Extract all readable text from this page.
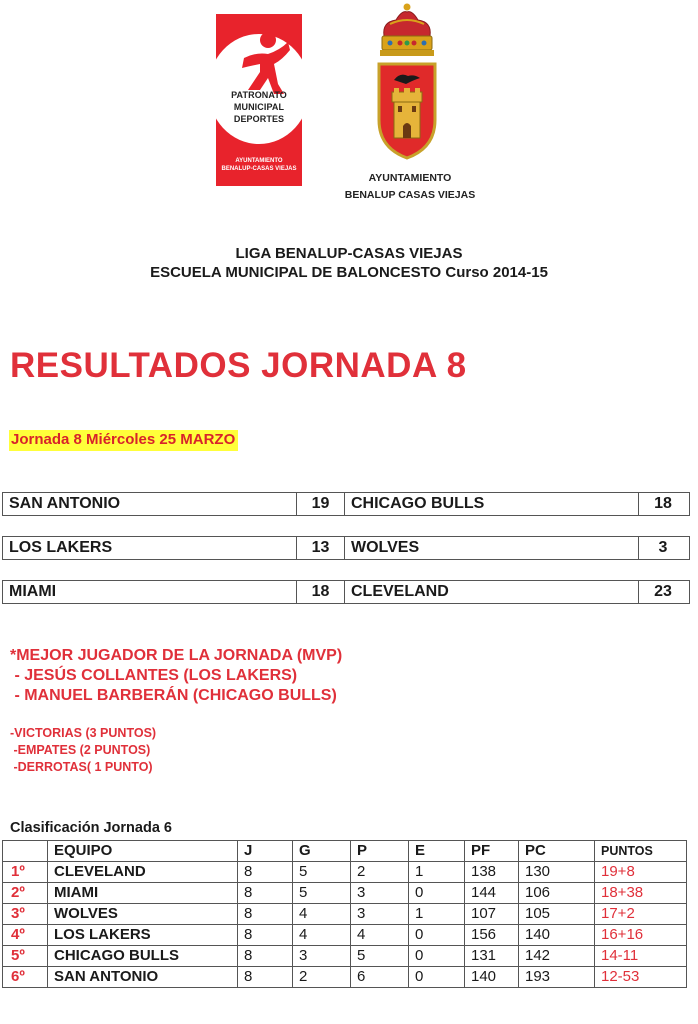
PATRONATO
MUNICIPAL
DEPORTES
AYUNTAMIENTO
BENALUP-CASAS VIEJAS
AYUNTAMIENTO
BENALUP CASAS VIEJAS
LIGA BENALUP-CASAS VIEJAS
ESCUELA MUNICIPAL DE BALONCESTO Curso 2014-15
RESULTADOS JORNADA 8
Jornada 8 Miércoles 25 MARZO
SAN ANTONIO	19	CHICAGO BULLS	18
LOS LAKERS	13	WOLVES	3
MIAMI	18	CLEVELAND	23
*MEJOR JUGADOR DE LA JORNADA (MVP)
- JESÚS COLLANTES (LOS LAKERS)
- MANUEL BARBERÁN (CHICAGO BULLS)
-VICTORIAS (3 PUNTOS)
-EMPATES (2 PUNTOS)
-DERROTAS( 1 PUNTO)
Clasificación Jornada 6
	EQUIPO	J	G	P	E	PF	PC	PUNTOS
1º	CLEVELAND	8	5	2	1	138	130	19+8
2º	MIAMI	8	5	3	0	144	106	18+38
3º	WOLVES	8	4	3	1	107	105	17+2
4º	LOS LAKERS	8	4	4	0	156	140	16+16
5º	CHICAGO BULLS	8	3	5	0	131	142	14-11
6º	SAN ANTONIO	8	2	6	0	140	193	12-53
